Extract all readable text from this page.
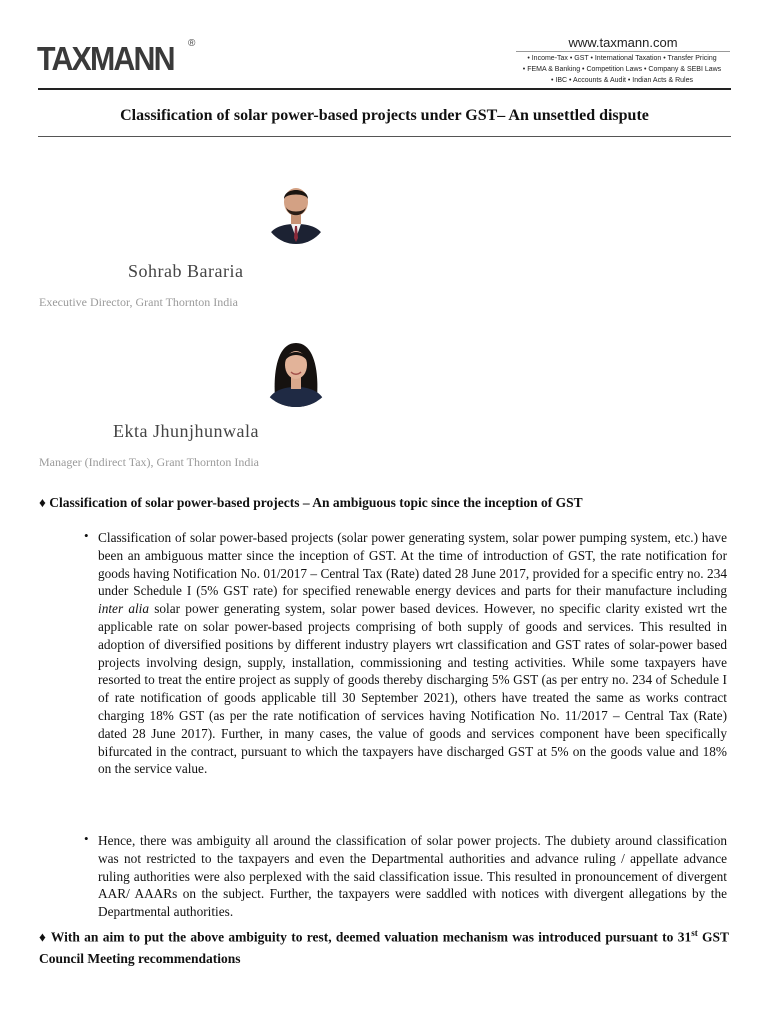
TAXMANN ®	www.taxmann.com
• Income-Tax • GST • International Taxation • Transfer Pricing
• FEMA & Banking • Competition Laws • Company & SEBI Laws
• IBC • Accounts & Audit • Indian Acts & Rules
Classification of solar power-based projects under GST– An unsettled dispute
Sohrab Bararia
Executive Director, Grant Thornton India
Ekta Jhunjhunwala
Manager (Indirect Tax), Grant Thornton India
♦ Classification of solar power-based projects – An ambiguous topic since the inception of GST
• Classification of solar power-based projects (solar power generating system, solar power pumping system, etc.) have been an ambiguous matter since the inception of GST. At the time of introduction of GST, the rate notification for goods having Notification No. 01/2017 – Central Tax (Rate) dated 28 June 2017, provided for a specific entry no. 234 under Schedule I (5% GST rate) for specified renewable energy devices and parts for their manufacture including inter alia solar power generating system, solar power based devices. However, no specific clarity existed wrt the applicable rate on solar power-based projects comprising of both supply of goods and services. This resulted in adoption of diversified positions by different industry players wrt classification and GST rates of solar-power based projects involving design, supply, installation, commissioning and testing activities. While some taxpayers have resorted to treat the entire project as supply of goods thereby discharging 5% GST (as per entry no. 234 of Schedule I of rate notification of goods applicable till 30 September 2021), others have treated the same as works contract charging 18% GST (as per the rate notification of services having Notification No. 11/2017 – Central Tax (Rate) dated 28 June 2017). Further, in many cases, the value of goods and services component have been specifically bifurcated in the contract, pursuant to which the taxpayers have discharged GST at 5% on the goods value and 18% on the service value.
• Hence, there was ambiguity all around the classification of solar power projects. The dubiety around classification was not restricted to the taxpayers and even the Departmental authorities and advance ruling / appellate advance ruling authorities were also perplexed with the said classification issue. This resulted in pronouncement of divergent AAR/ AAARs on the subject. Further, the taxpayers were saddled with notices with divergent allegations by the Departmental authorities.
♦ With an aim to put the above ambiguity to rest, deemed valuation mechanism was introduced pursuant to 31st GST Council Meeting recommendations
